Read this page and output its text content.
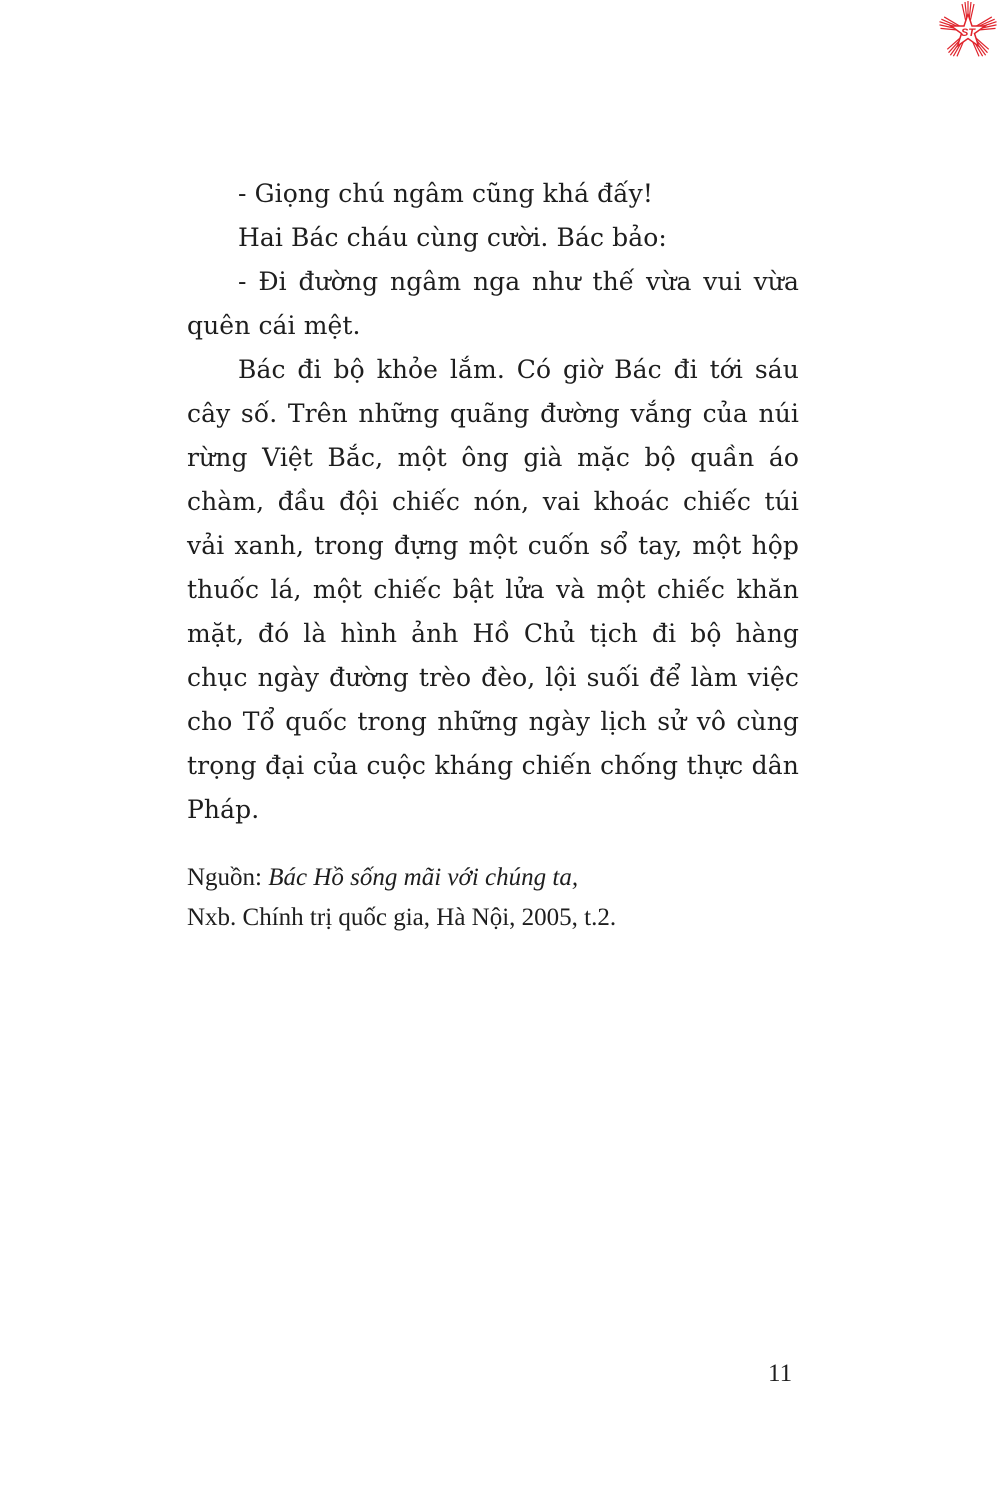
ST

- Giọng chú ngâm cũng khá đấy!

Hai Bác cháu cùng cười. Bác bảo:

- Đi đường ngâm nga như thế vừa vui vừa quên cái mệt.

Bác đi bộ khỏe lắm. Có giờ Bác đi tới sáu cây số. Trên những quãng đường vắng của núi rừng Việt Bắc, một ông già mặc bộ quần áo chàm, đầu đội chiếc nón, vai khoác chiếc túi vải xanh, trong đựng một cuốn sổ tay, một hộp thuốc lá, một chiếc bật lửa và một chiếc khăn mặt, đó là hình ảnh Hồ Chủ tịch đi bộ hàng chục ngày đường trèo đèo, lội suối để làm việc cho Tổ quốc trong những ngày lịch sử vô cùng trọng đại của cuộc kháng chiến chống thực dân Pháp.

Nguồn: Bác Hồ sống mãi với chúng ta,
Nxb. Chính trị quốc gia, Hà Nội, 2005, t.2.
11
